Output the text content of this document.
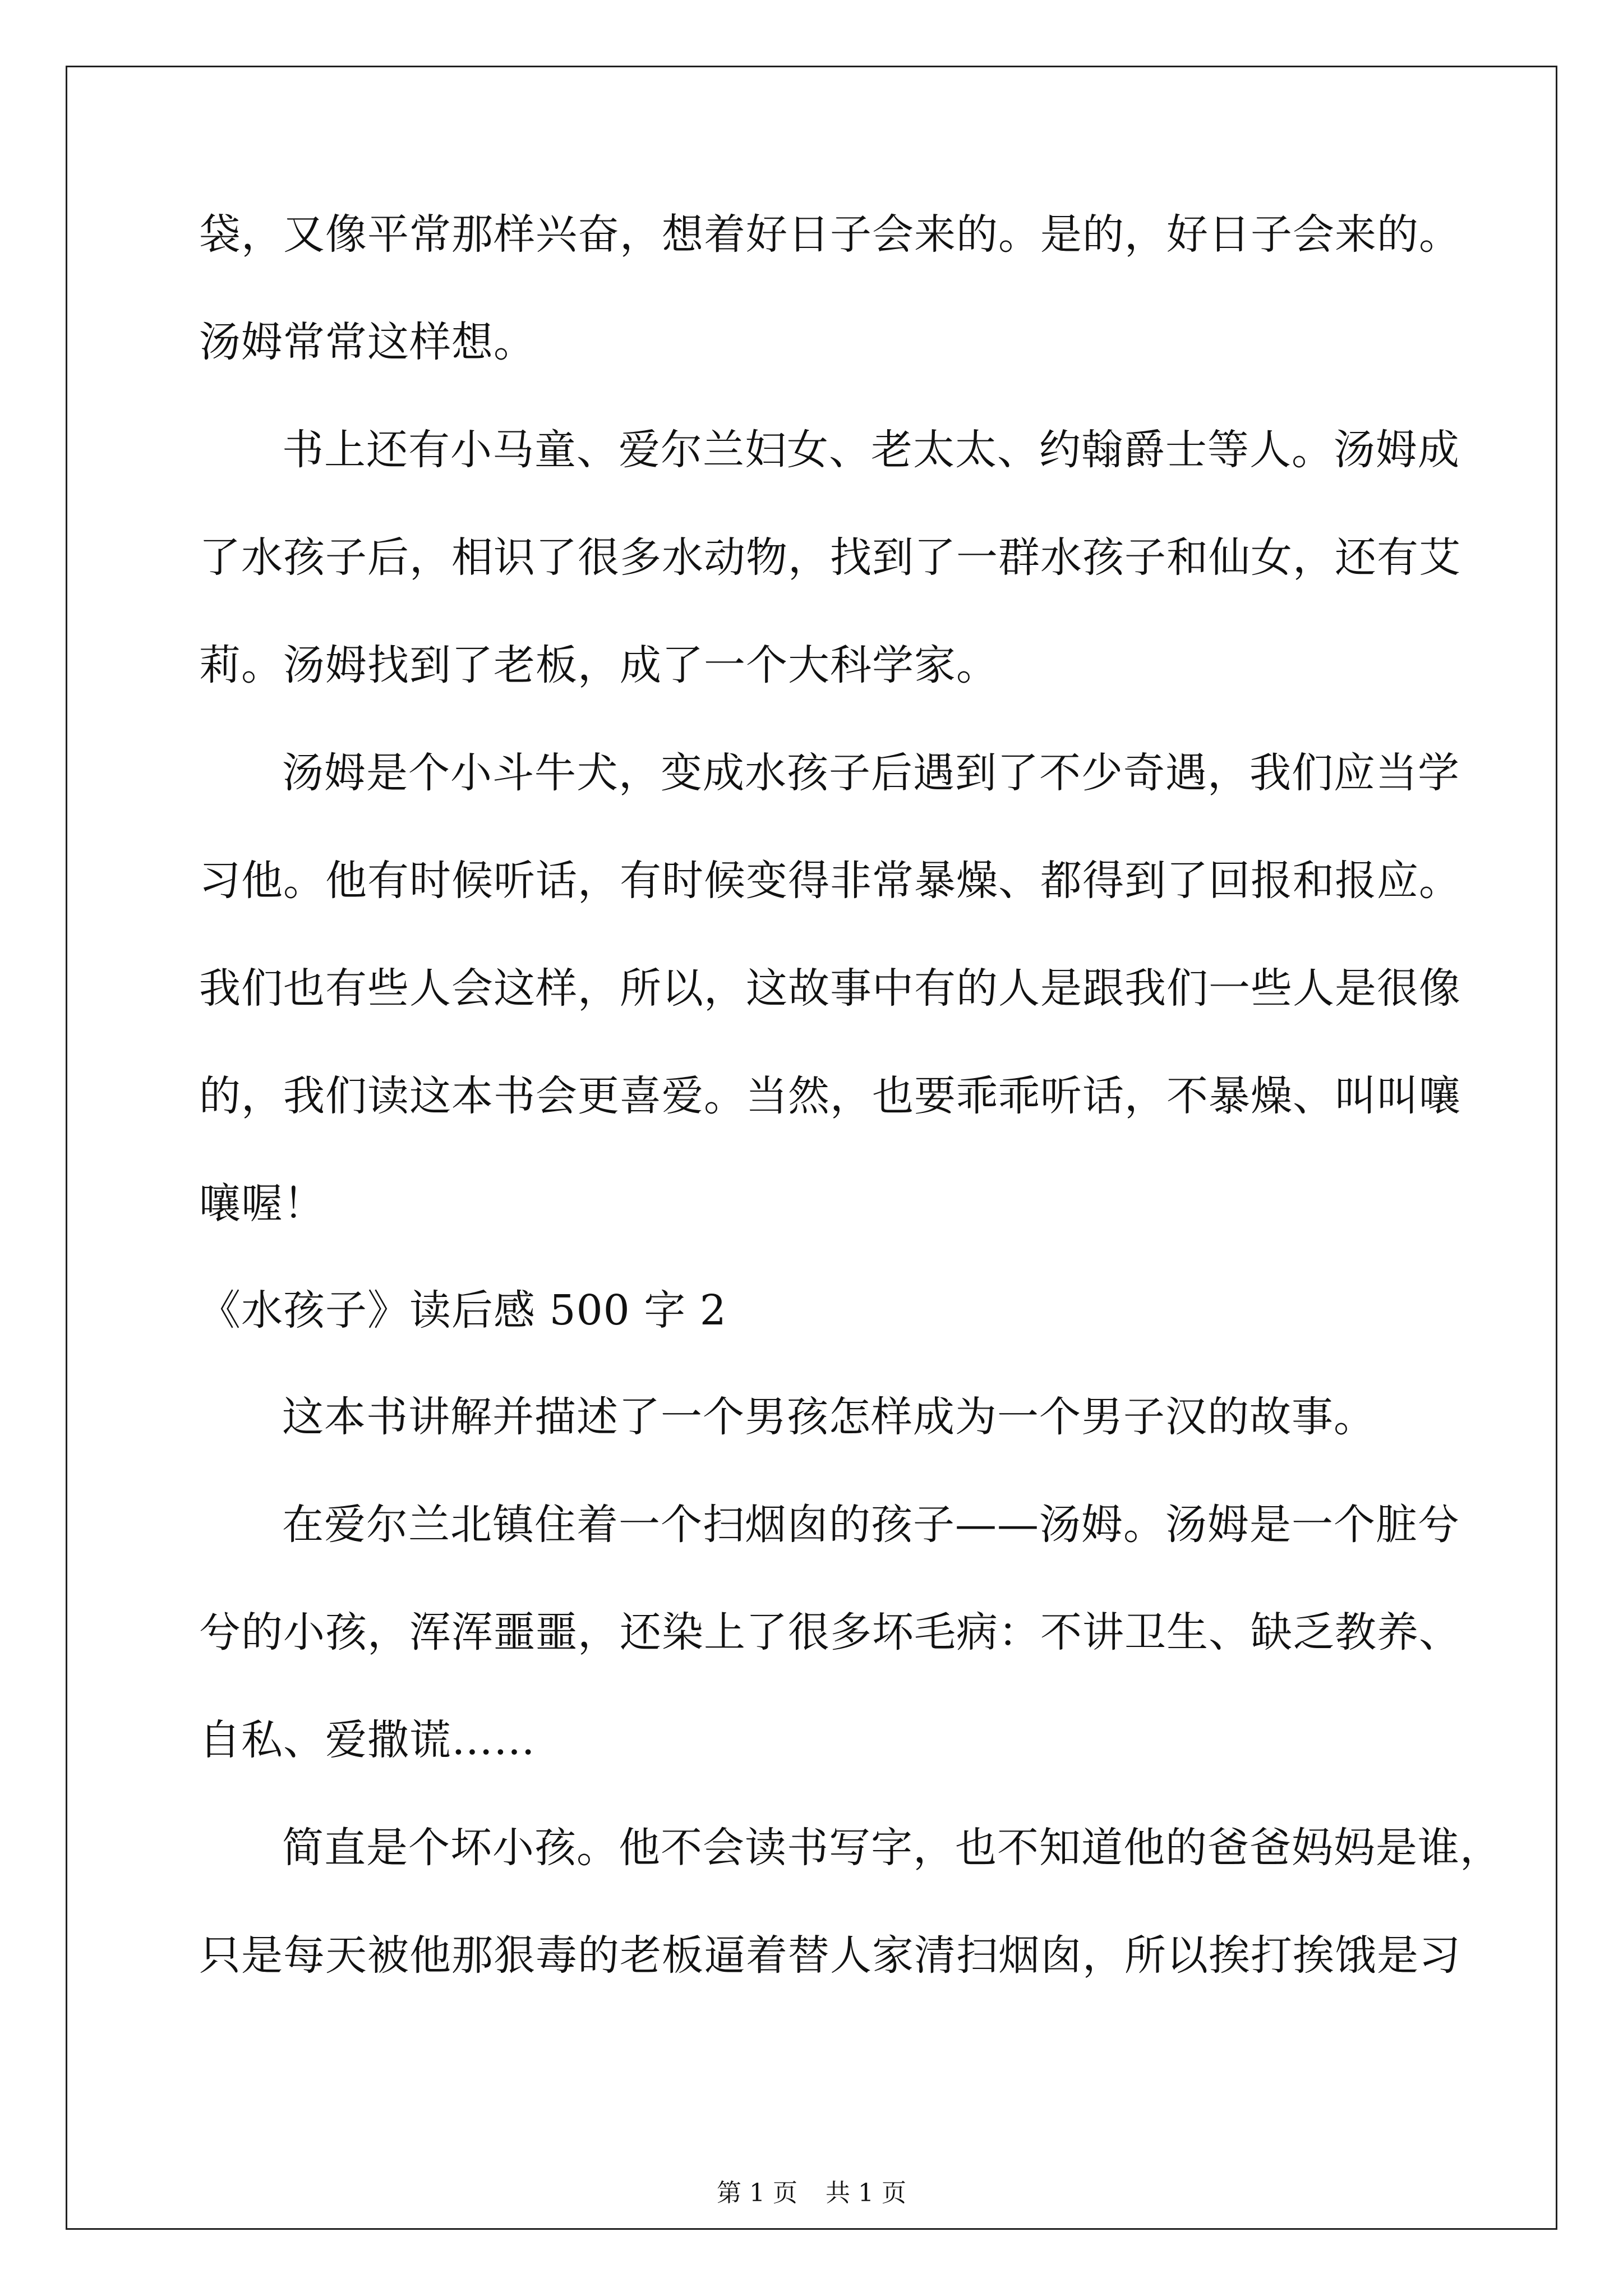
袋，又像平常那样兴奋，想着好日子会来的。是的，好日子会来的。
汤姆常常这样想。
书上还有小马童、爱尔兰妇女、老太太、约翰爵士等人。汤姆成
了水孩子后，相识了很多水动物，找到了一群水孩子和仙女，还有艾
莉。汤姆找到了老板，成了一个大科学家。
汤姆是个小斗牛犬，变成水孩子后遇到了不少奇遇，我们应当学
习他。他有时候听话，有时候变得非常暴燥、都得到了回报和报应。
我们也有些人会这样，所以，这故事中有的人是跟我们一些人是很像
的，我们读这本书会更喜爱。当然，也要乖乖听话，不暴燥、叫叫嚷
嚷喔！
《水孩子》读后感 500 字 2
这本书讲解并描述了一个男孩怎样成为一个男子汉的故事。
在爱尔兰北镇住着一个扫烟囱的孩子——汤姆。汤姆是一个脏兮
兮的小孩，浑浑噩噩，还染上了很多坏毛病：不讲卫生、缺乏教养、
自私、爱撒谎……
简直是个坏小孩。他不会读书写字，也不知道他的爸爸妈妈是谁，
只是每天被他那狠毒的老板逼着替人家清扫烟囱，所以挨打挨饿是习
第 1 页 共 1 页
